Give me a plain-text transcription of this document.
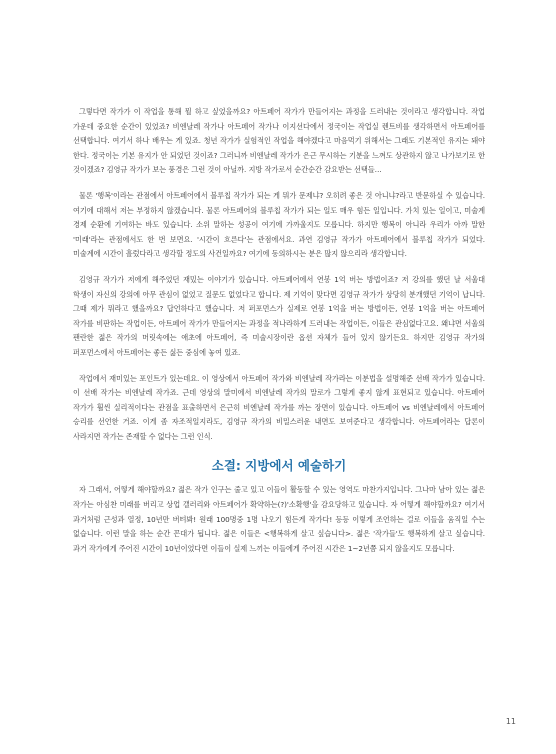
그렇다면 작가가 이 작업을 통해 뭘 하고 싶었을까요? 아트페어 작가가 만들어지는 과정을 드러내는 것이라고 생각합니다. 작업 가운데 중요한 순간이 있었죠? 비엔날레 작가나 아트페어 작가나 이지선다에서 정국이는 작업실 렌트비를 생각하면서 아트페어를 선택합니다. 여기서 하나 배우는 게 있죠. 청년 작가가 실험적인 작업을 해야겠다고 마음먹기 위해서는 그래도 기본적인 유지는 돼야 한다. 정국이는 기본 유지가 안 되었던 것이죠? 그러니까 비엔날레 작가가 은근 무시하는 기분을 느껴도 상관하지 않고 나가보기로 한 것이겠죠? 김영규 작가가 보는 풍경은 그런 것이 아닐까. 지방 작가로서 순간순간 감요받는 선택들…

물론 '행복'이라는 관점에서 아트페어에서 블루칩 작가가 되는 게 뭐가 문제냐? 오히려 좋은 것 아니냐?라고 반문하실 수 있습니다. 여기에 대해서 저는 부정하지 않겠습니다. 물론 아트페어의 블루칩 작가가 되는 일도 매우 힘든 일입니다. 가치 있는 일이고, 미술계 경제 순환에 기여하는 바도 있습니다. 소위 말하는 성공이 여기에 가까울지도 모릅니다. 하지만 행복이 아니라 우리가 아까 말한 '미래'라는 관점에서도 한 번 보면요. '시간이 흐른다'는 관점에서요. 과연 김영규 작가가 아트페어에서 블루칩 작가가 되었다. 미술계에 시간이 흘렀다라고 생각할 정도의 사건일까요? 여기에 동의하시는 분은 많지 않으리라 생각합니다.

김영규 작가가 저에게 해주었던 재밌는 이야기가 있습니다. 아트페어에서 연봉 1억 버는 방법이죠? 저 강의를 했던 날 서울대 학생이 자신의 강의에 아무 관심이 없었고 질문도 없었다고 합니다. 제 기억이 맞다면 김영규 작가가 상당히 분개했던 기억이 납니다. 그때 제가 뭐라고 했을까요? 답언하다고 했습니다. 저 퍼포먼스가 실제로 연봉 1억을 버는 방법이든, 연봉 1억을 버는 아트페어 작가를 비판하는 작업이든, 아트페어 작가가 만들어지는 과정을 적나라하게 드러내는 작업이든, 이들은 관심없다고요. 왜냐면 서울의 팬란한 젊은 작가의 머릿속에는 애초에 아트페어, 즉 미술시장이란 옵션 자체가 들어 있지 않기든요. 하지만 김영규 작가의 퍼포먼스에서 아트페어는 좋든 싫든 중심에 놓여 있죠.

작업에서 재미있는 포인트가 있는데요. 이 영상에서 아트페어 작가와 비엔날레 작가라는 이분법을 설명해준 선배 작가가 있습니다. 이 선배 작가는 비엔날레 작가죠. 근데 영상의 말미에서 비엔날레 작가의 말로가 그렇게 좋지 않게 표현되고 있습니다. 아트페어 작가가 훨씬 실리적이다는 관점을 표출하면서 은근히 비엔날레 작가를 까는 장면이 있습니다. 아트페어 vs 비엔날레에서 아트페어 승리를 선언한 거죠. 이게 좀 자조적일지라도, 김영규 작가의 비밀스러운 내면도 보여준다고 생각합니다. 아트페어라는 답론이 사라지면 작가는 존재할 수 없다는 그런 인식.

소결: 지방에서 예술하기

자 그래서, 어떻게 해야할까요? 젊은 작가 인구는 줄고 있고 이들이 활동할 수 있는 영역도 마찬가지입니다. 그나마 남아 있는 젊은 작가는 아심찬 미래를 버리고 상업 갤러리와 아트페어가 확약하는(?)'소확행'을 감요당하고 있습니다. 자 어떻게 해야할까요? 여기서 과거처럼 근성과 열정, 10년만 버텨봐! 원래 100명중 1명 나오기 힘든게 작가다! 등등 이렇게 조언하는 걸로 이들을 움직일 수는 없습니다. 이런 말을 하는 순간 꼰대가 됩니다. 젊은 이들은 <행복하게 살고 싶습니다>. 젊은 '작가들'도 행복하게 살고 싶습니다. 과거 작가에게 주어진 시간이 10년이었다면 이들이 실제 느끼는 이들에게 주어진 시간은 1~2년쯤 되지 않을지도 모릅니다.

11
